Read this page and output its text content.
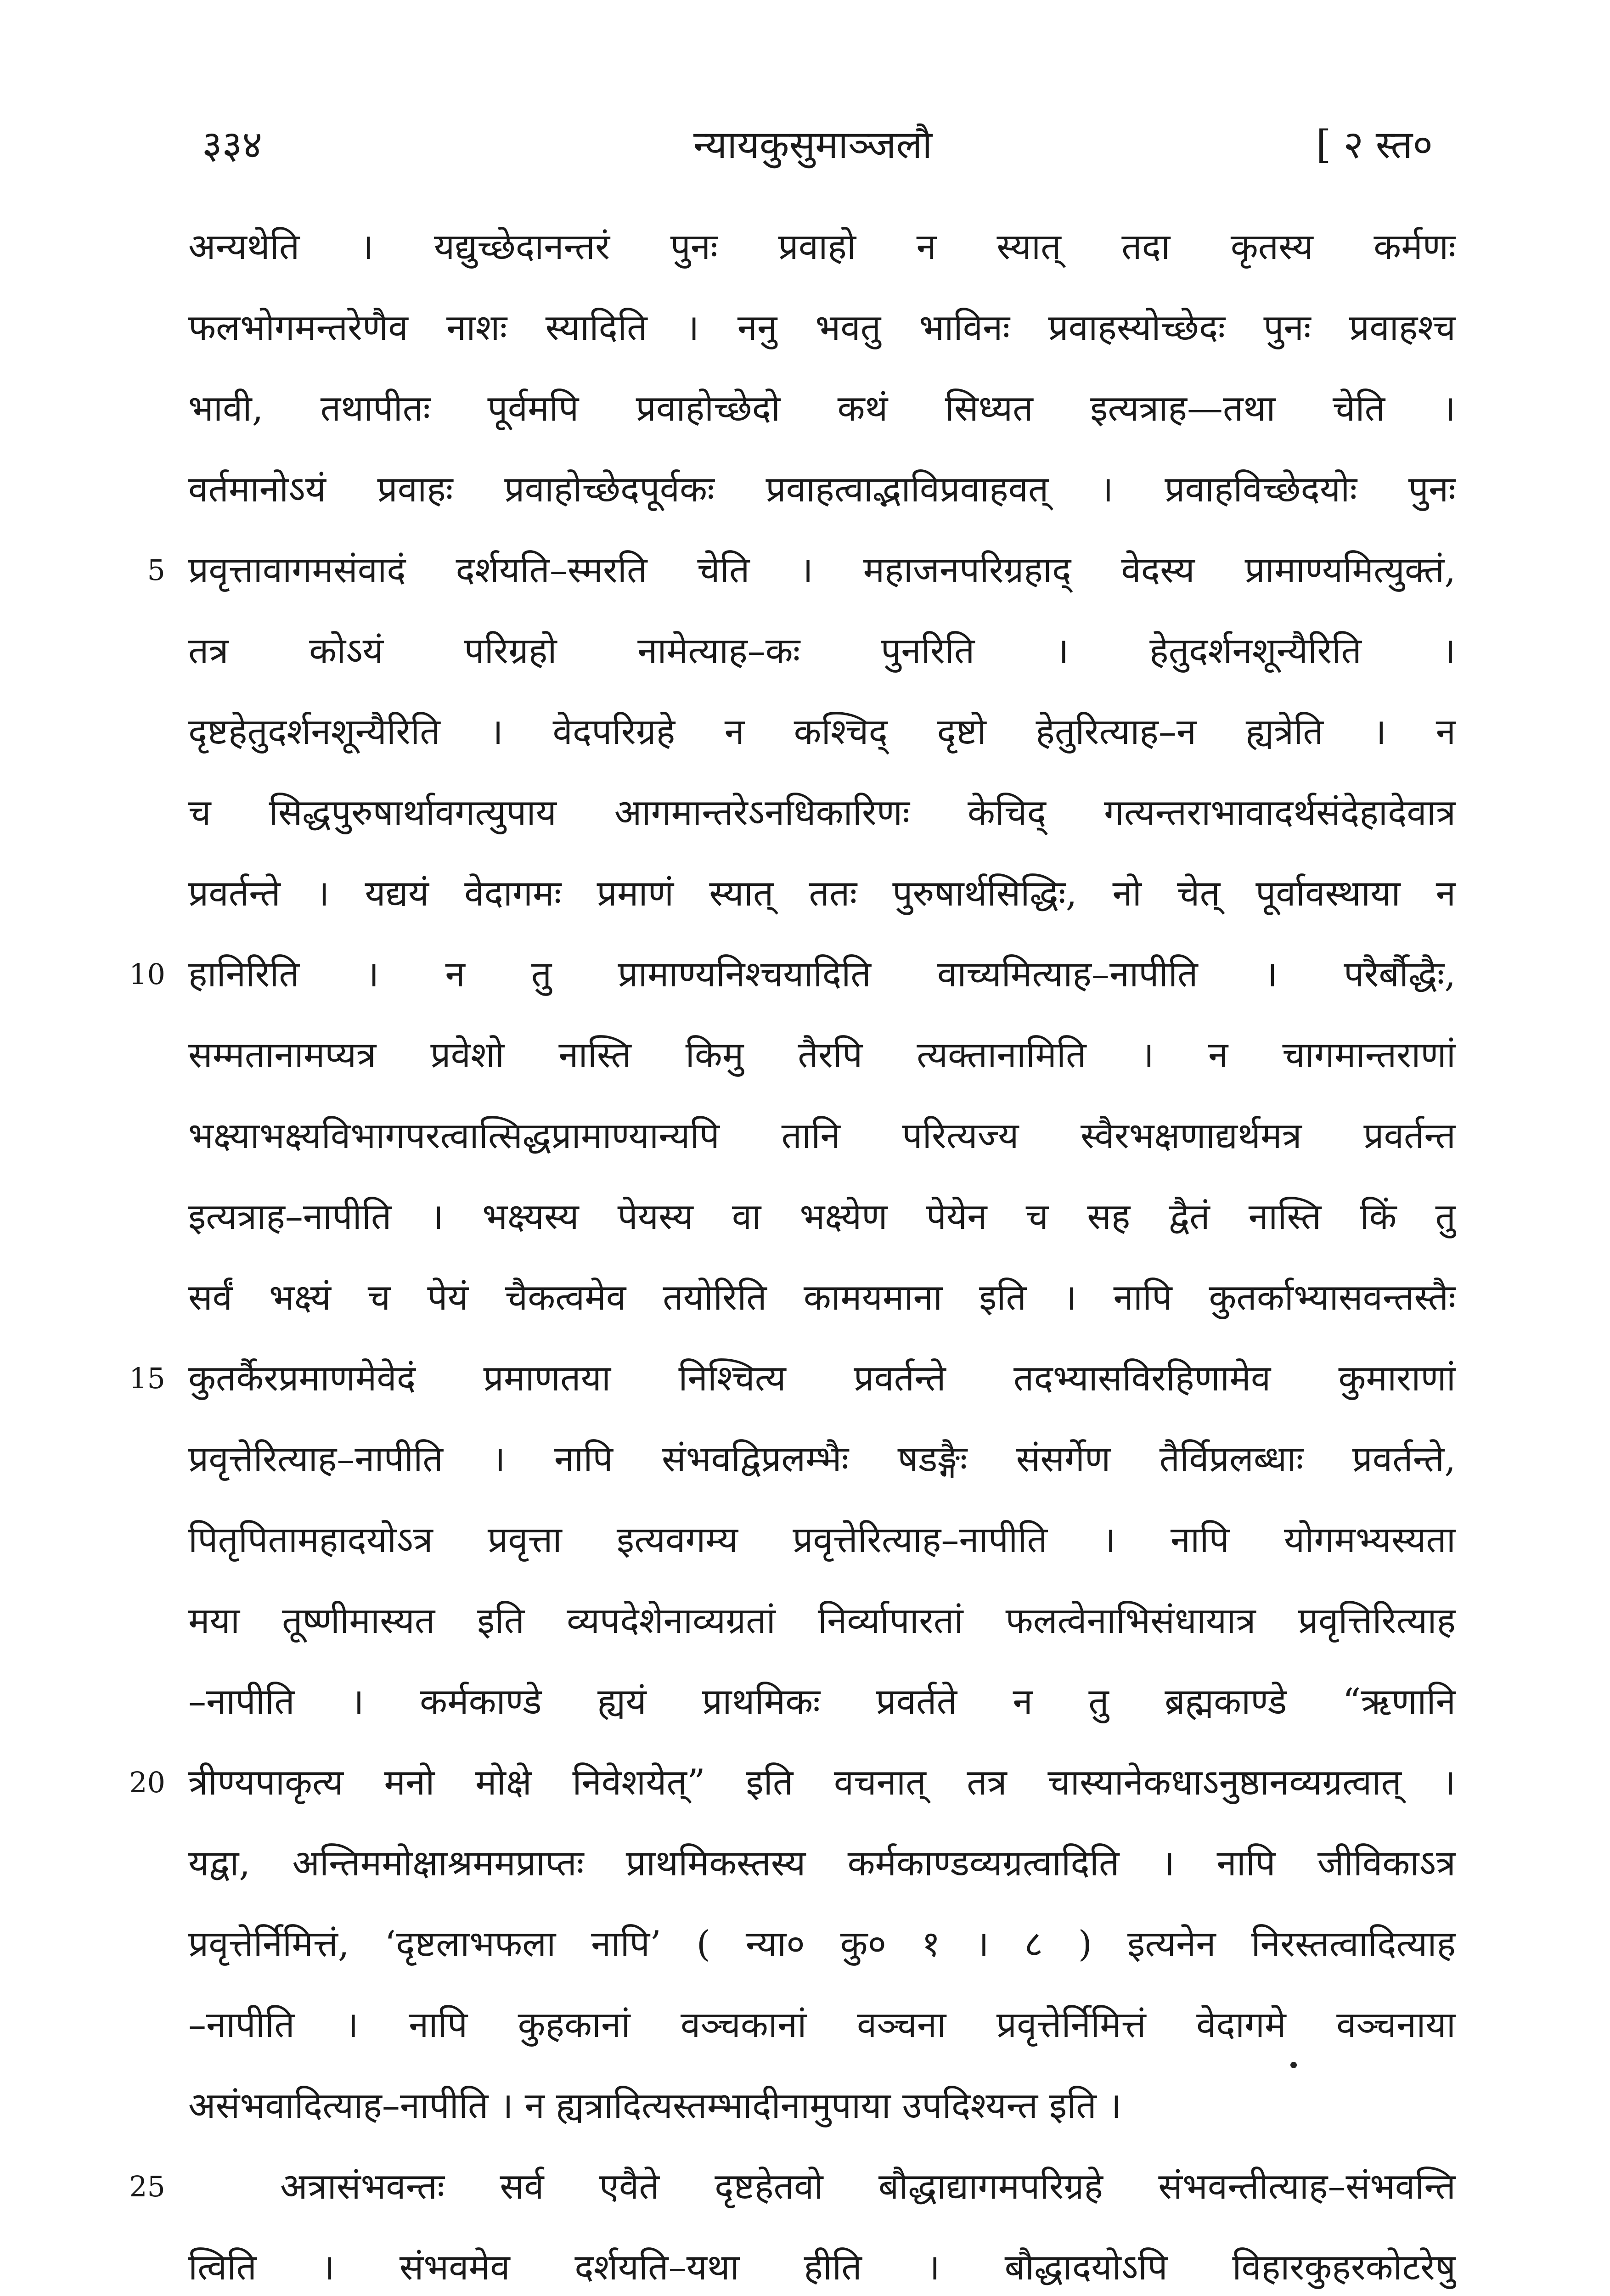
३३४	न्यायकुसुमाञ्जलौ	[ २ स्त०
अन्यथेति । यद्युच्छेदानन्तरं पुनः प्रवाहो न स्यात् तदा कृतस्य कर्मणः
फलभोगमन्तरेणैव नाशः स्यादिति । ननु भवतु भाविनः प्रवाहस्योच्छेदः पुनः प्रवाहश्च
भावी, तथापीतः पूर्वमपि प्रवाहोच्छेदो कथं सिध्यत इत्यत्राह—तथा चेति ।
वर्तमानोऽयं प्रवाहः प्रवाहोच्छेदपूर्वकः प्रवाहत्वाद्भाविप्रवाहवत् । प्रवाहविच्छेदयोः पुनः
5 प्रवृत्तावागमसंवादं दर्शयति–स्मरति चेति । महाजनपरिग्रहाद् वेदस्य प्रामाण्यमित्युक्तं,
तत्र कोऽयं परिग्रहो नामेत्याह–कः पुनरिति । हेतुदर्शनशून्यैरिति ।
दृष्टहेतुदर्शनशून्यैरिति । वेदपरिग्रहे न कश्चिद् दृष्टो हेतुरित्याह–न ह्यत्रेति । न
च सिद्धपुरुषार्थावगत्युपाय आगमान्तरेऽनधिकारिणः केचिद् गत्यन्तराभावादर्थसंदेहादेवात्र
प्रवर्तन्ते । यद्ययं वेदागमः प्रमाणं स्यात् ततः पुरुषार्थसिद्धिः, नो चेत् पूर्वावस्थाया न
10 हानिरिति । न तु प्रामाण्यनिश्चयादिति वाच्यमित्याह–नापीति । परैर्बौद्धैः,
सम्मतानामप्यत्र प्रवेशो नास्ति किमु तैरपि त्यक्तानामिति । न चागमान्तराणां
भक्ष्याभक्ष्यविभागपरत्वात्सिद्धप्रामाण्यान्यपि तानि परित्यज्य स्वैरभक्षणाद्यर्थमत्र प्रवर्तन्त
इत्यत्राह–नापीति । भक्ष्यस्य पेयस्य वा भक्ष्येण पेयेन च सह द्वैतं नास्ति किं तु
सर्वं भक्ष्यं च पेयं चैकत्वमेव तयोरिति कामयमाना इति । नापि कुतर्काभ्यासवन्तस्तैः
15 कुतर्कैरप्रमाणमेवेदं प्रमाणतया निश्चित्य प्रवर्तन्ते तदभ्यासविरहिणामेव कुमाराणां
प्रवृत्तेरित्याह–नापीति । नापि संभवद्विप्रलम्भैः षडङ्गैः संसर्गेण तैर्विप्रलब्धाः प्रवर्तन्ते,
पितृपितामहादयोऽत्र प्रवृत्ता इत्यवगम्य प्रवृत्तेरित्याह–नापीति । नापि योगमभ्यस्यता
मया तूष्णीमास्यत इति व्यपदेशेनाव्यग्रतां निर्व्यापारतां फलत्वेनाभिसंधायात्र प्रवृत्तिरित्याह
–नापीति । कर्मकाण्डे ह्ययं प्राथमिकः प्रवर्तते न तु ब्रह्मकाण्डे “ऋणानि
20 त्रीण्यपाकृत्य मनो मोक्षे निवेशयेत्” इति वचनात् तत्र चास्यानेकधाऽनुष्ठानव्यग्रत्वात् ।
यद्वा, अन्तिममोक्षाश्रममप्राप्तः प्राथमिकस्तस्य कर्मकाण्डव्यग्रत्वादिति । नापि जीविकाऽत्र
प्रवृत्तेर्निमित्तं, ‘दृष्टलाभफला नापि’ ( न्या० कु० १ । ८ ) इत्यनेन निरस्तत्वादित्याह
–नापीति । नापि कुहकानां वञ्चकानां वञ्चना प्रवृत्तेर्निमित्तं वेदागमे वञ्चनाया
असंभवादित्याह–नापीति । न ह्यत्रादित्यस्तम्भादीनामुपाया उपदिश्यन्त इति ।
25	अत्रासंभवन्तः सर्व एवैते दृष्टहेतवो बौद्धाद्यागमपरिग्रहे संभवन्तीत्याह–संभवन्ति
त्विति । संभवमेव दर्शयति–यथा हीति । बौद्धादयोऽपि विहारकुहरकोटरेषु
